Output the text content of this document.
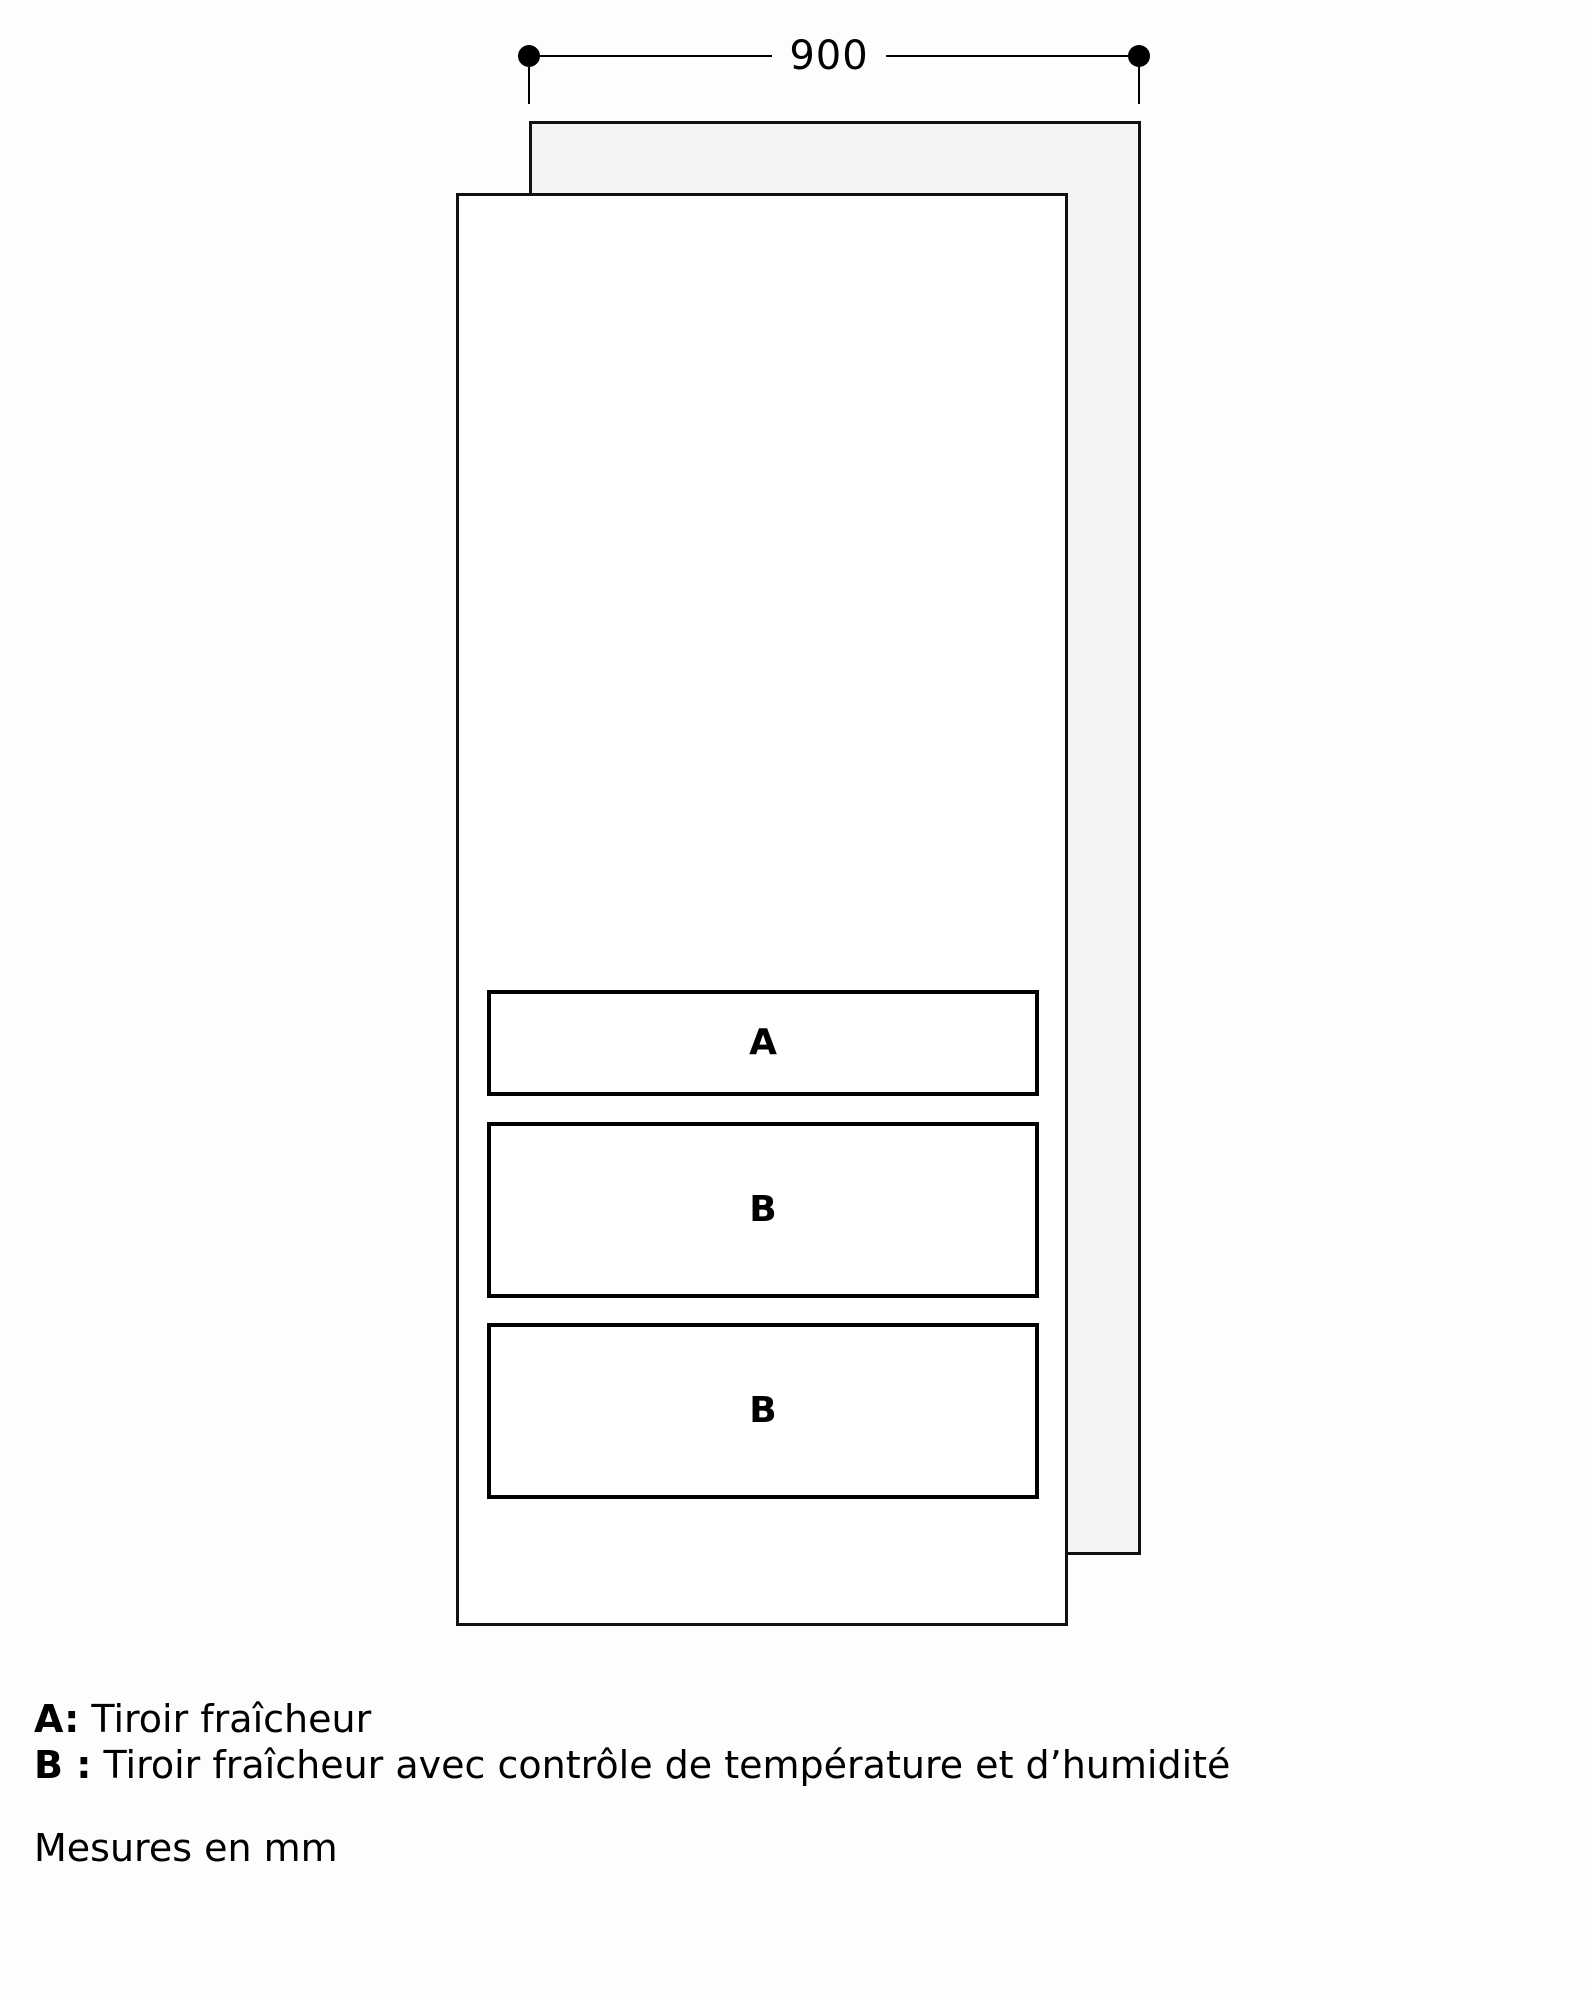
900
A
B
B
A: Tiroir fraîcheur
B : Tiroir fraîcheur avec contrôle de température et d’humidité
Mesures en mm
